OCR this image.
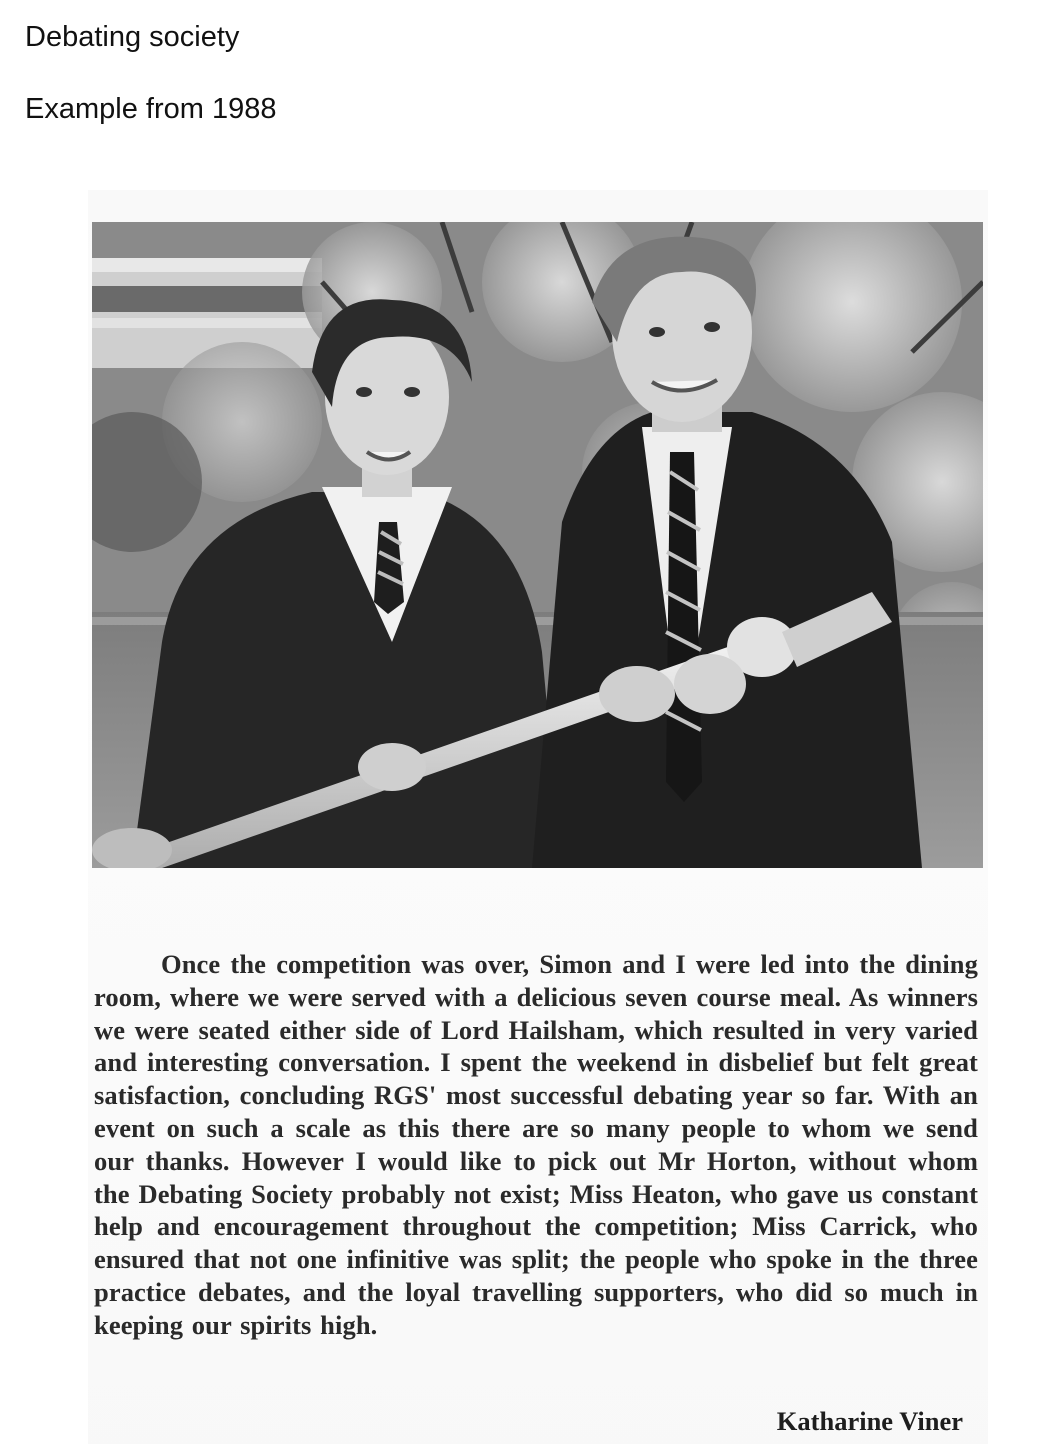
Debating society
Example from 1988
Once the competition was over, Simon and I were led into the dining room, where we were served with a delicious seven course meal. As winners we were seated either side of Lord Hailsham, which resulted in very varied and interesting conversation. I spent the weekend in disbelief but felt great satisfaction, concluding RGS' most successful debating year so far. With an event on such a scale as this there are so many people to whom we send our thanks. However I would like to pick out Mr Horton, without whom the Debating Society probably not exist; Miss Heaton, who gave us constant help and encouragement throughout the competition; Miss Carrick, who ensured that not one infinitive was split; the people who spoke in the three practice debates, and the loyal travelling supporters, who did so much in keeping our spirits high.
Katharine Viner
